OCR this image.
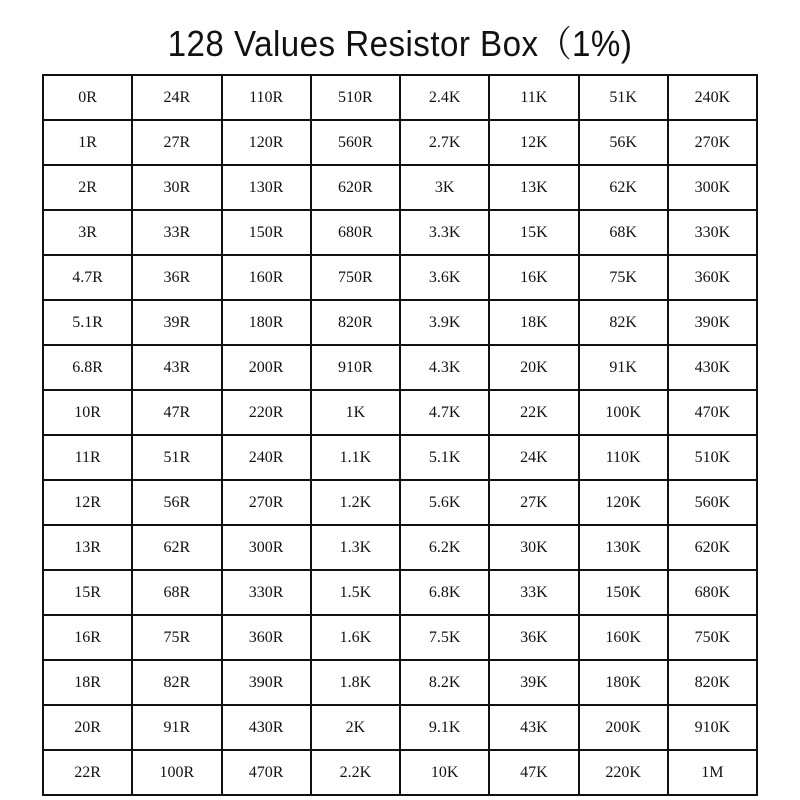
128 Values Resistor Box（1%)
0R	24R	110R	510R	2.4K	11K	51K	240K
1R	27R	120R	560R	2.7K	12K	56K	270K
2R	30R	130R	620R	3K	13K	62K	300K
3R	33R	150R	680R	3.3K	15K	68K	330K
4.7R	36R	160R	750R	3.6K	16K	75K	360K
5.1R	39R	180R	820R	3.9K	18K	82K	390K
6.8R	43R	200R	910R	4.3K	20K	91K	430K
10R	47R	220R	1K	4.7K	22K	100K	470K
11R	51R	240R	1.1K	5.1K	24K	110K	510K
12R	56R	270R	1.2K	5.6K	27K	120K	560K
13R	62R	300R	1.3K	6.2K	30K	130K	620K
15R	68R	330R	1.5K	6.8K	33K	150K	680K
16R	75R	360R	1.6K	7.5K	36K	160K	750K
18R	82R	390R	1.8K	8.2K	39K	180K	820K
20R	91R	430R	2K	9.1K	43K	200K	910K
22R	100R	470R	2.2K	10K	47K	220K	1M
